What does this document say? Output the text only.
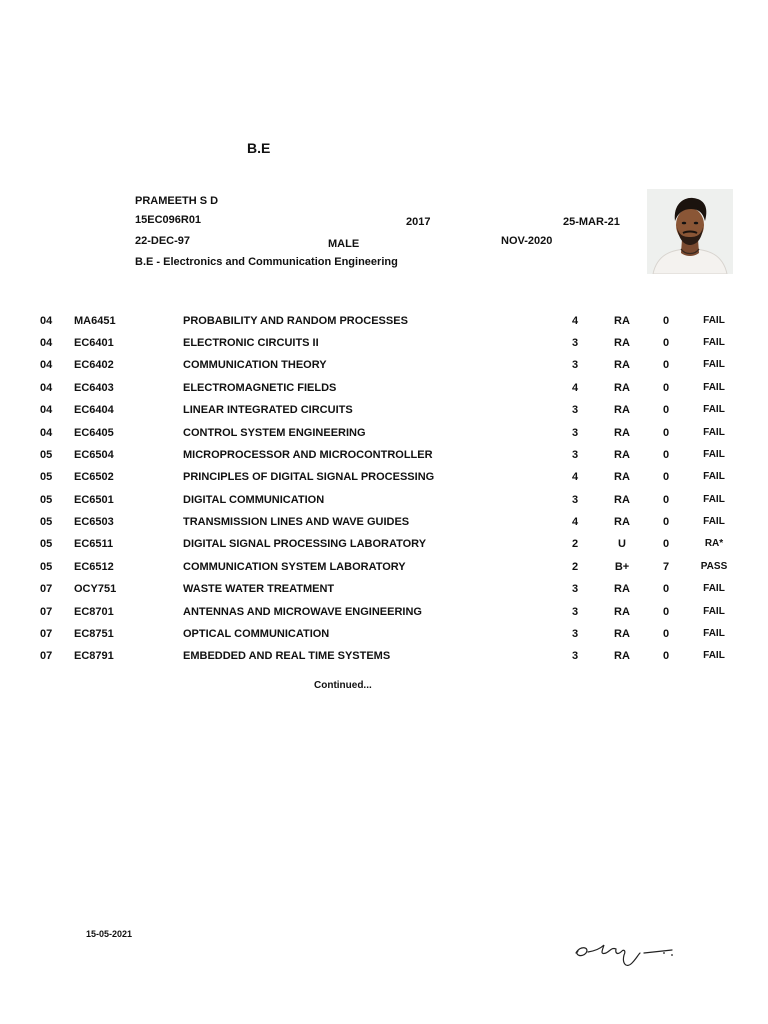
B.E
PRAMEETH S D
15EC096R01	2017	25-MAR-21
22-DEC-97	MALE	NOV-2020
B.E - Electronics and Communication Engineering
04 MA6451	PROBABILITY AND RANDOM PROCESSES	4	RA	0	FAIL
04 EC6401	ELECTRONIC CIRCUITS II	3	RA	0	FAIL
04 EC6402	COMMUNICATION THEORY	3	RA	0	FAIL
04 EC6403	ELECTROMAGNETIC FIELDS	4	RA	0	FAIL
04 EC6404	LINEAR INTEGRATED CIRCUITS	3	RA	0	FAIL
04 EC6405	CONTROL SYSTEM ENGINEERING	3	RA	0	FAIL
05 EC6504	MICROPROCESSOR AND MICROCONTROLLER	3	RA	0	FAIL
05 EC6502	PRINCIPLES OF DIGITAL SIGNAL PROCESSING	4	RA	0	FAIL
05 EC6501	DIGITAL COMMUNICATION	3	RA	0	FAIL
05 EC6503	TRANSMISSION LINES AND WAVE GUIDES	4	RA	0	FAIL
05 EC6511	DIGITAL SIGNAL PROCESSING LABORATORY	2	U	0	RA*
05 EC6512	COMMUNICATION SYSTEM LABORATORY	2	B+	7	PASS
07 OCY751	WASTE WATER TREATMENT	3	RA	0	FAIL
07 EC8701	ANTENNAS AND MICROWAVE ENGINEERING	3	RA	0	FAIL
07 EC8751	OPTICAL COMMUNICATION	3	RA	0	FAIL
07 EC8791	EMBEDDED AND REAL TIME SYSTEMS	3	RA	0	FAIL
Continued...
15-05-2021
